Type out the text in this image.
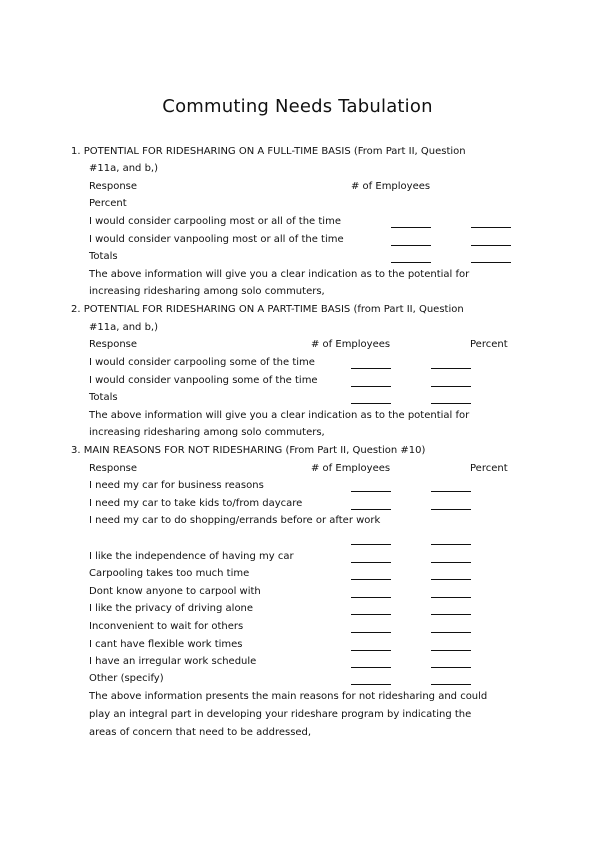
Commuting Needs Tabulation
1. POTENTIAL FOR RIDESHARING ON A FULL-TIME BASIS (From Part II, Question
#11a, and b,)
Response	# of Employees
Percent
I would consider carpooling most or all of the time
I would consider vanpooling most or all of the time
Totals
The above information will give you a clear indication as to the potential for
increasing ridesharing among solo commuters,
2. POTENTIAL FOR RIDESHARING ON A PART-TIME BASIS (from Part II, Question
#11a, and b,)
Response	# of Employees	Percent
I would consider carpooling some of the time
I would consider vanpooling some of the time
Totals
The above information will give you a clear indication as to the potential for
increasing ridesharing among solo commuters,
3. MAIN REASONS FOR NOT RIDESHARING (From Part II, Question #10)
Response	# of Employees	Percent
I need my car for business reasons
I need my car to take kids to/from daycare
I need my car to do shopping/errands before or after work
I like the independence of having my car
Carpooling takes too much time
Dont know anyone to carpool with
I like the privacy of driving alone
Inconvenient to wait for others
I cant have flexible work times
I have an irregular work schedule
Other (specify)
The above information presents the main reasons for not ridesharing and could
play an integral part in developing your rideshare program by indicating the
areas of concern that need to be addressed,
